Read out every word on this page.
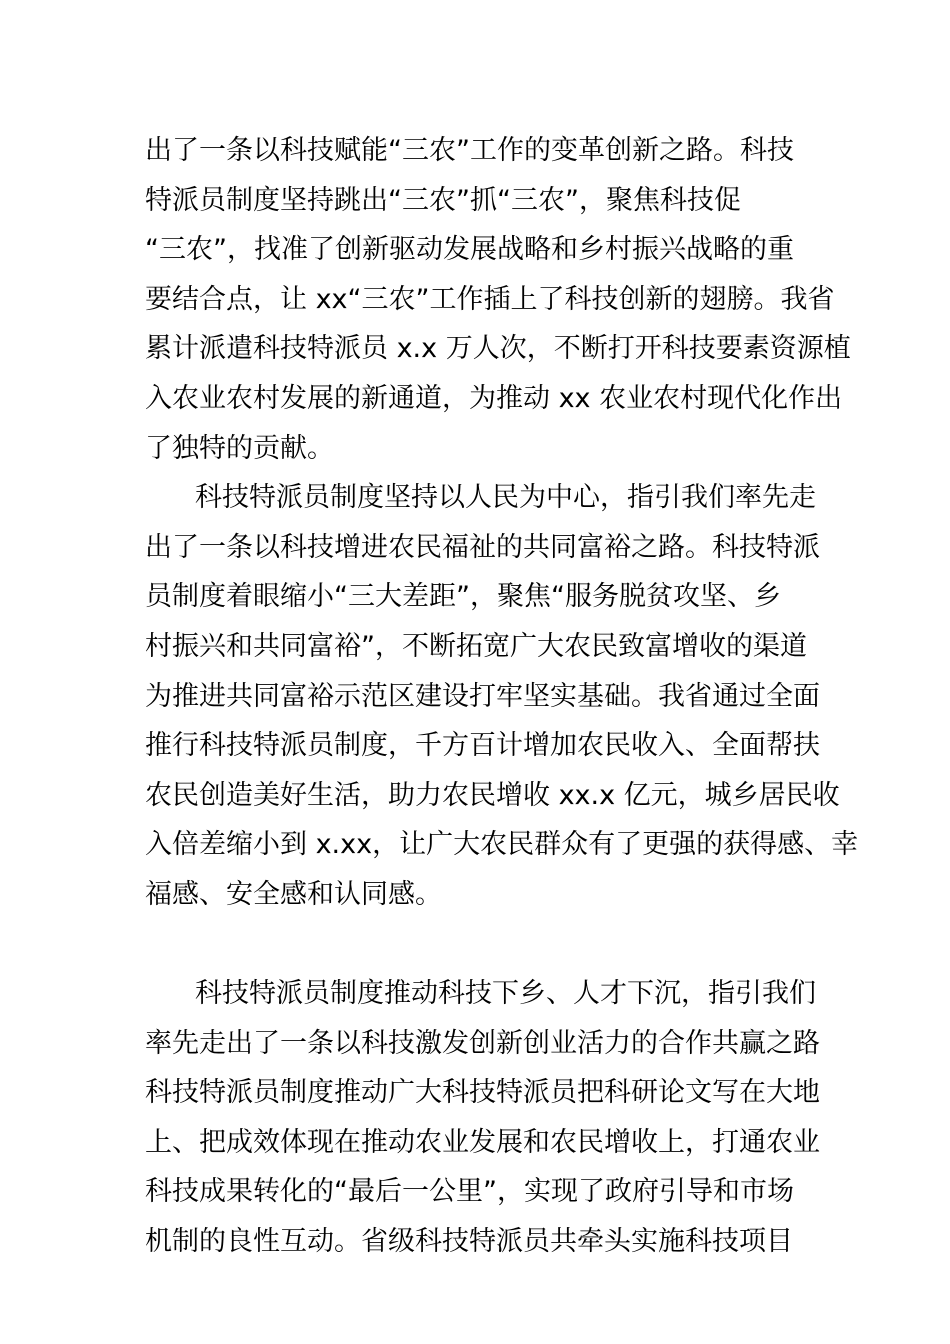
出了一条以科技赋能“三农”工作的变革创新之路。科技
特派员制度坚持跳出“三农”抓“三农”，聚焦科技促
“三农”，找准了创新驱动发展战略和乡村振兴战略的重
要结合点，让 xx“三农”工作插上了科技创新的翅膀。我省
累计派遣科技特派员 x.x 万人次，不断打开科技要素资源植
入农业农村发展的新通道，为推动 xx 农业农村现代化作出
了独特的贡献。
科技特派员制度坚持以人民为中心，指引我们率先走
出了一条以科技增进农民福祉的共同富裕之路。科技特派
员制度着眼缩小“三大差距”，聚焦“服务脱贫攻坚、乡
村振兴和共同富裕”，不断拓宽广大农民致富增收的渠道
为推进共同富裕示范区建设打牢坚实基础。我省通过全面
推行科技特派员制度，千方百计增加农民收入、全面帮扶
农民创造美好生活，助力农民增收 xx.x 亿元，城乡居民收
入倍差缩小到 x.xx，让广大农民群众有了更强的获得感、幸
福感、安全感和认同感。
科技特派员制度推动科技下乡、人才下沉，指引我们
率先走出了一条以科技激发创新创业活力的合作共赢之路
科技特派员制度推动广大科技特派员把科研论文写在大地
上、把成效体现在推动农业发展和农民增收上，打通农业
科技成果转化的“最后一公里”，实现了政府引导和市场
机制的良性互动。省级科技特派员共牵头实施科技项目
